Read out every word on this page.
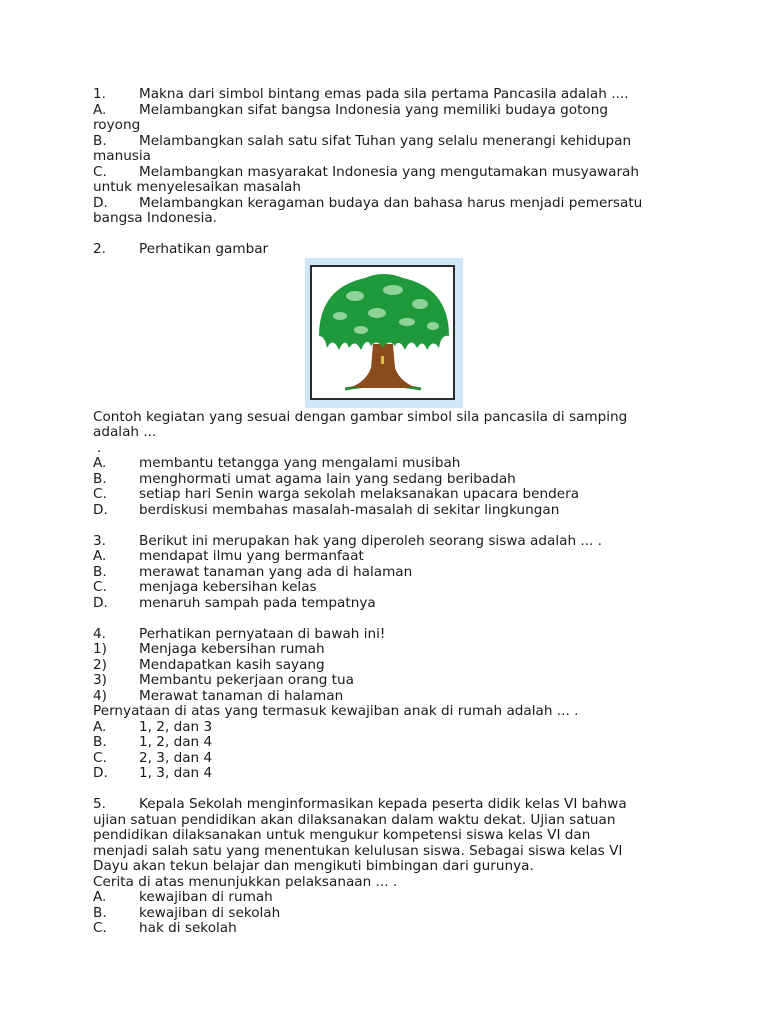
1.	Makna dari simbol bintang emas pada sila pertama Pancasila adalah ....
A.	Melambangkan sifat bangsa Indonesia yang memiliki budaya gotong
royong
B.	Melambangkan salah satu sifat Tuhan yang selalu menerangi kehidupan
manusia
C.	Melambangkan masyarakat Indonesia yang mengutamakan musyawarah
untuk menyelesaikan masalah
D.	Melambangkan keragaman budaya dan bahasa harus menjadi pemersatu
bangsa Indonesia.
2.	Perhatikan gambar
Contoh kegiatan yang sesuai dengan gambar simbol sila pancasila di samping
adalah ...
.
A.	membantu tetangga yang mengalami musibah
B.	menghormati umat agama lain yang sedang beribadah
C.	setiap hari Senin warga sekolah melaksanakan upacara bendera
D.	berdiskusi membahas masalah-masalah di sekitar lingkungan
3.	Berikut ini merupakan hak yang diperoleh seorang siswa adalah ... .
A.	mendapat ilmu yang bermanfaat
B.	merawat tanaman yang ada di halaman
C.	menjaga kebersihan kelas
D.	menaruh sampah pada tempatnya
4.	Perhatikan pernyataan di bawah ini!
1)	Menjaga kebersihan rumah
2)	Mendapatkan kasih sayang
3)	Membantu pekerjaan orang tua
4)	Merawat tanaman di halaman
Pernyataan di atas yang termasuk kewajiban anak di rumah adalah ... .
A.	1, 2, dan 3
B.	1, 2, dan 4
C.	2, 3, dan 4
D.	1, 3, dan 4
5.	Kepala Sekolah menginformasikan kepada peserta didik kelas VI bahwa
ujian satuan pendidikan akan dilaksanakan dalam waktu dekat. Ujian satuan
pendidikan dilaksanakan untuk mengukur kompetensi siswa kelas VI dan
menjadi salah satu yang menentukan kelulusan siswa. Sebagai siswa kelas VI
Dayu akan tekun belajar dan mengikuti bimbingan dari gurunya.
Cerita di atas menunjukkan pelaksanaan ... .
A.	kewajiban di rumah
B.	kewajiban di sekolah
C.	hak di sekolah
